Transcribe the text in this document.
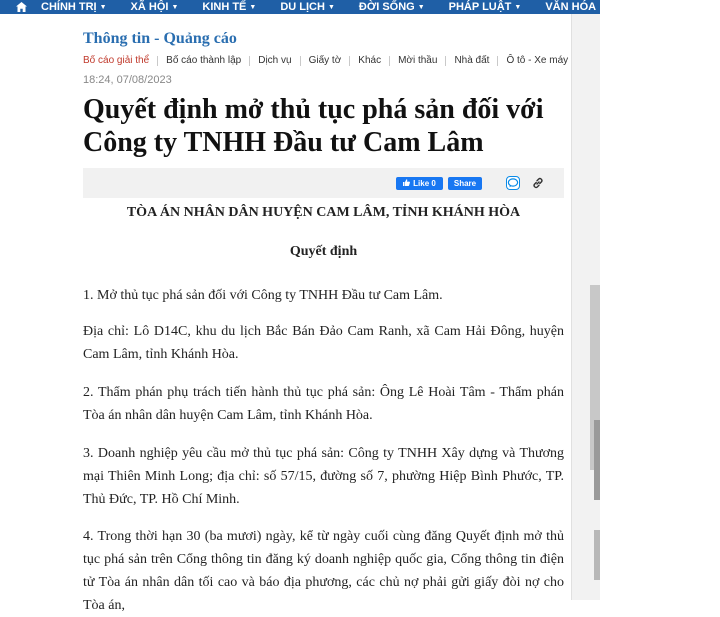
CHÍNH TRỊ ▼ XÃ HỘI ▼ KINH TẾ ▼ DU LỊCH ▼ ĐỜI SỐNG ▼ PHÁP LUẬT ▼ VĂN HÓA ▼ THỂ THAO ▼
Thông tin - Quảng cáo
Bố cáo giải thể Bố cáo thành lập Dịch vụ Giấy tờ Khác Mời thầu Nhà đất Ô tô - Xe máy
18:24, 07/08/2023
Quyết định mở thủ tục phá sản đối với Công ty TNHH Đầu tư Cam Lâm
Like 0	Share
TÒA ÁN NHÂN DÂN HUYỆN CAM LÂM, TỈNH KHÁNH HÒA
Quyết định

1. Mở thủ tục phá sản đối với Công ty TNHH Đầu tư Cam Lâm.

Địa chỉ: Lô D14C, khu du lịch Bắc Bán Đảo Cam Ranh, xã Cam Hải Đông, huyện Cam Lâm, tỉnh Khánh Hòa.

2. Thẩm phán phụ trách tiến hành thủ tục phá sản: Ông Lê Hoài Tâm - Thẩm phán Tòa án nhân dân huyện Cam Lâm, tỉnh Khánh Hòa.

3. Doanh nghiệp yêu cầu mở thủ tục phá sản: Công ty TNHH Xây dựng và Thương mại Thiên Minh Long; địa chỉ: số 57/15, đường số 7, phường Hiệp Bình Phước, TP. Thủ Đức, TP. Hồ Chí Minh.

4. Trong thời hạn 30 (ba mươi) ngày, kể từ ngày cuối cùng đăng Quyết định mở thủ tục phá sản trên Cổng thông tin đăng ký doanh nghiệp quốc gia, Cổng thông tin điện tử Tòa án nhân dân tối cao và báo địa phương, các chủ nợ phải gửi giấy đòi nợ cho Tòa án,
